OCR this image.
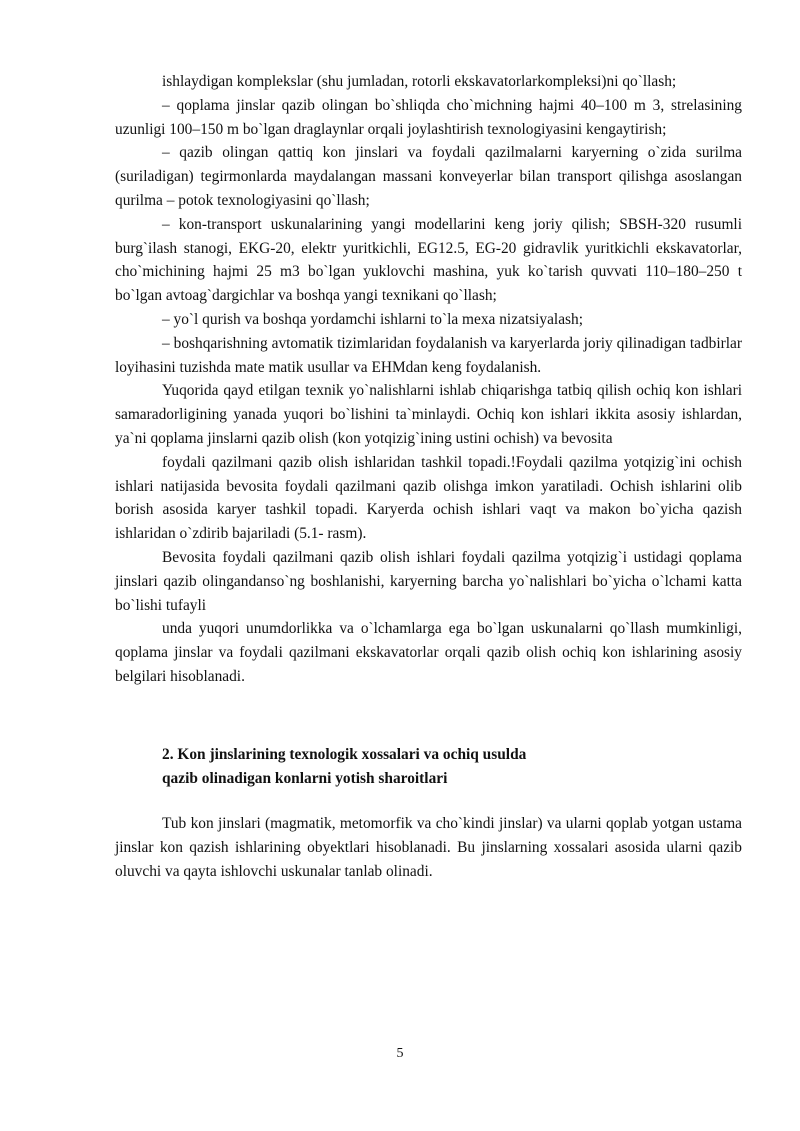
ishlaydigan komplekslar (shu jumladan, rotorli ekskavatorlarkompleksi)ni qo`llash;

– qoplama jinslar qazib olingan bo`shliqda cho`michning hajmi 40–100 m 3, strelasining uzunligi 100–150 m bo`lgan draglaynlar orqali joylashtirish texnologiyasini kengaytirish;

– qazib olingan qattiq kon jinslari va foydali qazilmalarni karyerning o`zida surilma (suriladigan) tegirmonlarda maydalangan massani konveyerlar bilan transport qilishga asoslangan qurilma – potok texnologiyasini qo`llash;

– kon-transport uskunalarining yangi modellarini keng joriy qilish; SBSH-320 rusumli burg`ilash stanogi, EKG-20, elektr yuritkichli, EG12.5, EG-20 gidravlik yuritkichli ekskavatorlar, cho`michining hajmi 25 m3 bo`lgan yuklovchi mashina, yuk ko`tarish quvvati 110–180–250 t bo`lgan avtoag`dargichlar va boshqa yangi texnikani qo`llash;

– yo`l qurish va boshqa yordamchi ishlarni to`la mexa nizatsiyalash;

– boshqarishning avtomatik tizimlaridan foydalanish va karyerlarda joriy qilinadigan tadbirlar loyihasini tuzishda mate matik usullar va EHMdan keng foydalanish.

Yuqorida qayd etilgan texnik yo`nalishlarni ishlab chiqarishga tatbiq qilish ochiq kon ishlari samaradorligining yanada yuqori bo`lishini ta`minlaydi. Ochiq kon ishlari ikkita asosiy ishlardan, ya`ni qoplama jinslarni qazib olish (kon yotqizig`ining ustini ochish) va bevosita

foydali qazilmani qazib olish ishlaridan tashkil topadi.!Foydali qazilma yotqizig`ini ochish ishlari natijasida bevosita foydali qazilmani qazib olishga imkon yaratiladi. Ochish ishlarini olib borish asosida karyer tashkil topadi. Karyerda ochish ishlari vaqt va makon bo`yicha qazish ishlaridan o`zdirib bajariladi (5.1- rasm).

Bevosita foydali qazilmani qazib olish ishlari foydali qazilma yotqizig`i ustidagi qoplama jinslari qazib olingandanso`ng boshlanishi, karyerning barcha yo`nalishlari bo`yicha o`lchami katta bo`lishi tufayli

unda yuqori unumdorlikka va o`lchamlarga ega bo`lgan uskunalarni qo`llash mumkinligi, qoplama jinslar va foydali qazilmani ekskavatorlar orqali qazib olish ochiq kon ishlarining asosiy belgilari hisoblanadi.

2. Kon jinslarining texnologik xossalari va ochiq usulda
qazib olinadigan konlarni yotish sharoitlari

Tub kon jinslari (magmatik, metomorfik va cho`kindi jinslar) va ularni qoplab yotgan ustama jinslar kon qazish ishlarining obyektlari hisoblanadi. Bu jinslarning xossalari asosida ularni qazib oluvchi va qayta ishlovchi uskunalar tanlab olinadi.

5
